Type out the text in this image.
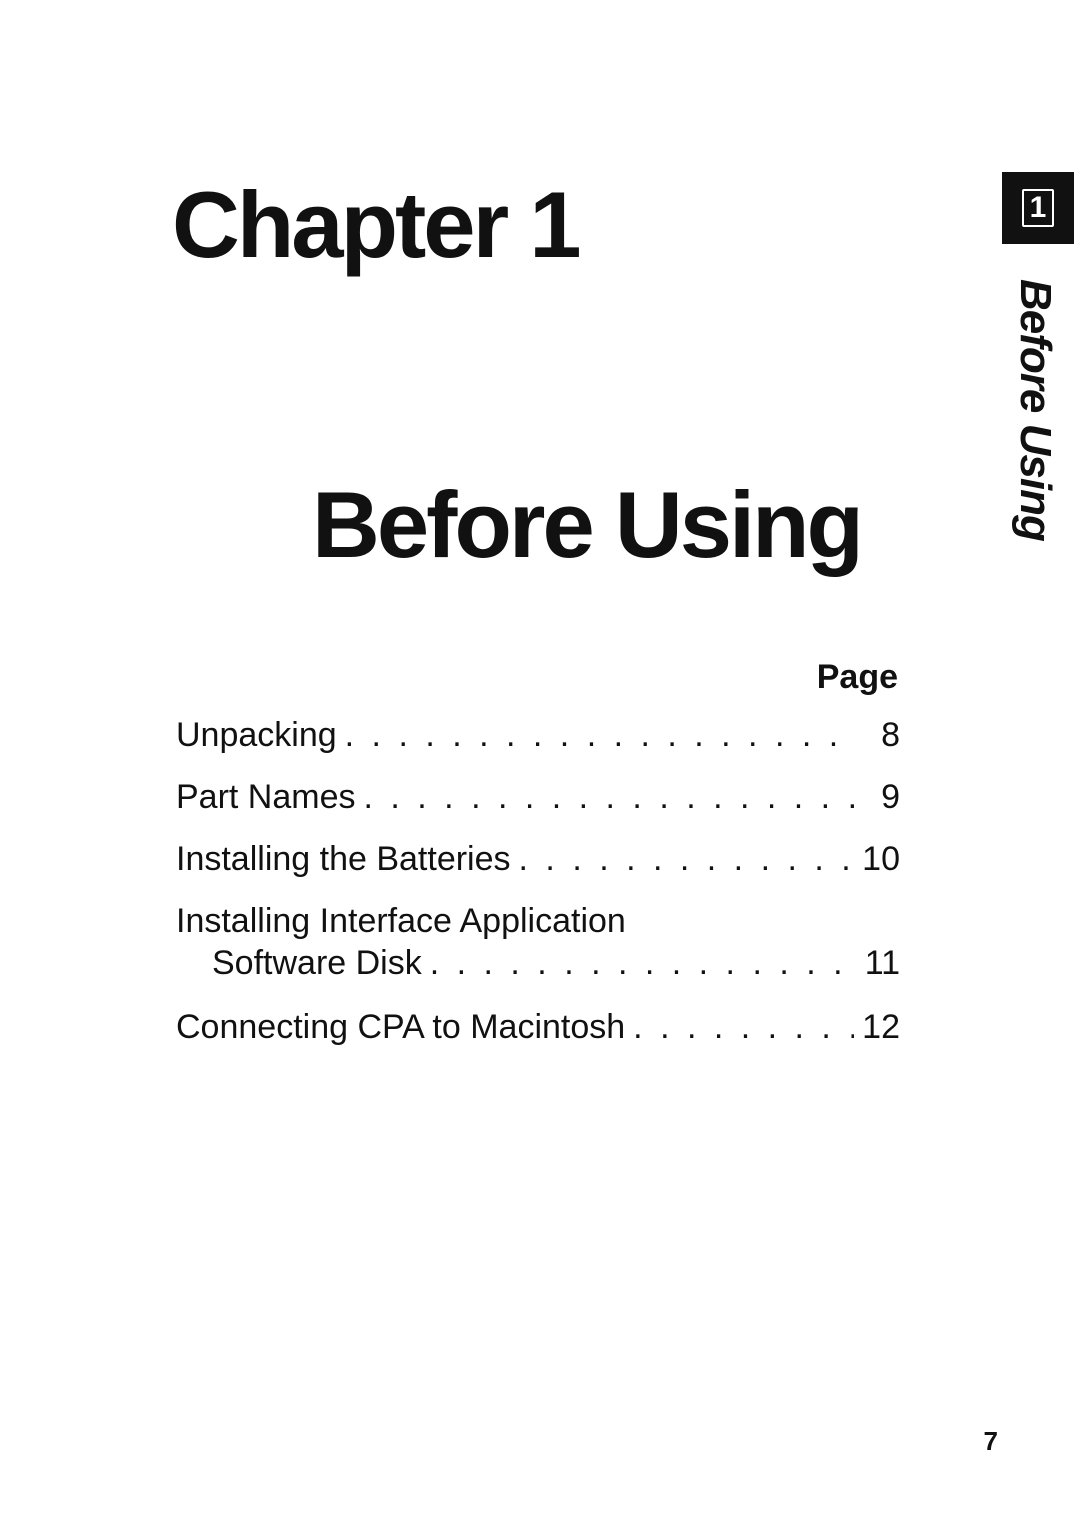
Chapter 1
Before Using
1
Before Using
Page
Unpacking . . .	8
Part Names . . .	9
Installing the Batteries . . .	10
Installing Interface Application
Software Disk . . .	11
Connecting CPA to Macintosh . . .	12
7
